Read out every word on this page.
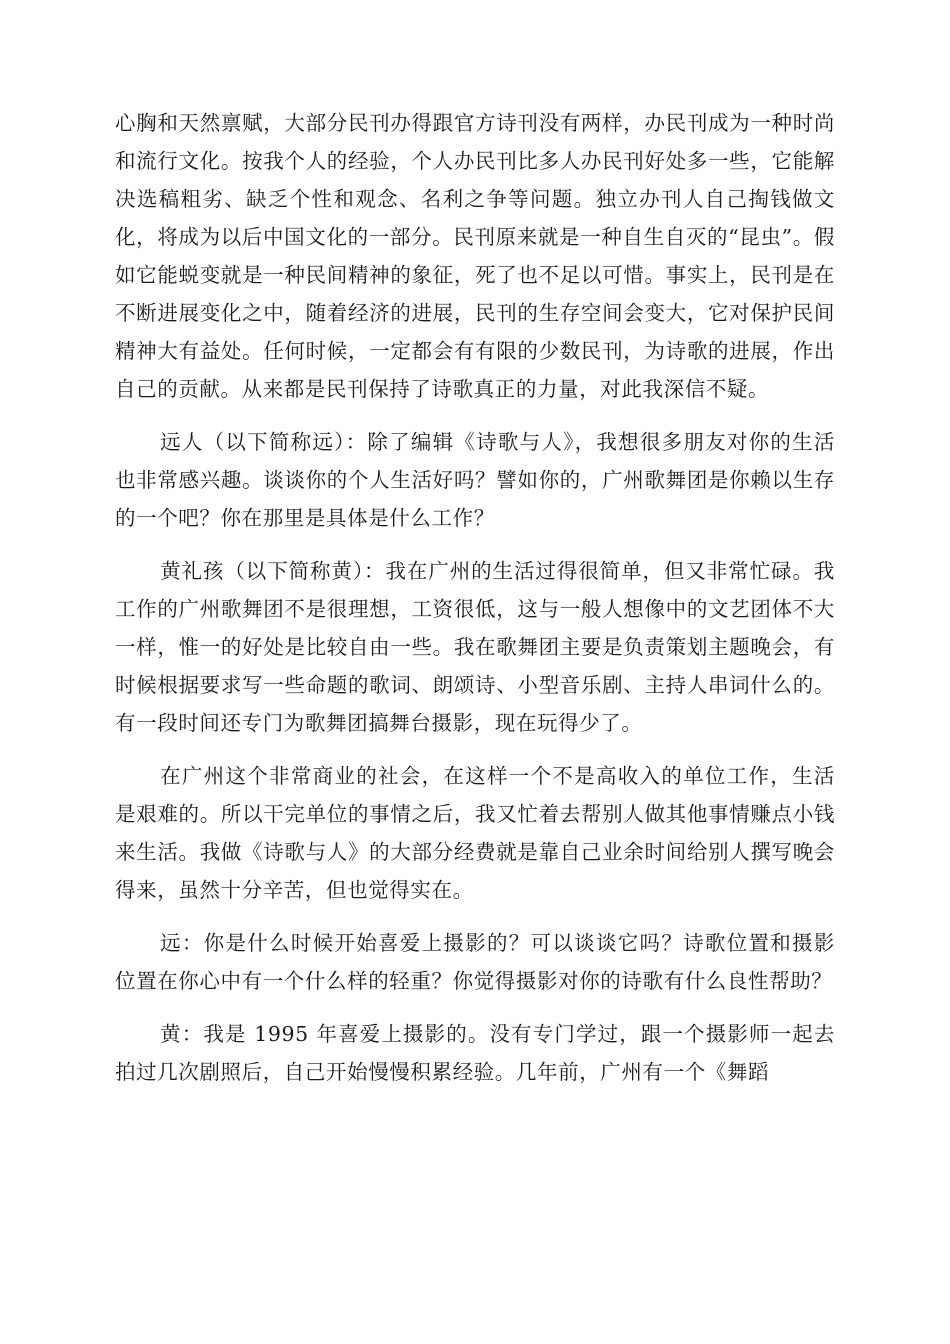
心胸和天然禀赋，大部分民刊办得跟官方诗刊没有两样，办民刊成为一种时尚和流行文化。按我个人的经验，个人办民刊比多人办民刊好处多一些，它能解决选稿粗劣、缺乏个性和观念、名利之争等问题。独立办刊人自己掏钱做文化，将成为以后中国文化的一部分。民刊原来就是一种自生自灭的“昆虫”。假如它能蜕变就是一种民间精神的象征，死了也不足以可惜。事实上，民刊是在不断进展变化之中，随着经济的进展，民刊的生存空间会变大，它对保护民间精神大有益处。任何时候，一定都会有有限的少数民刊，为诗歌的进展，作出自己的贡献。从来都是民刊保持了诗歌真正的力量，对此我深信不疑。

远人（以下简称远）：除了编辑《诗歌与人》，我想很多朋友对你的生活也非常感兴趣。谈谈你的个人生活好吗？譬如你的，广州歌舞团是你赖以生存的一个吧？你在那里是具体是什么工作？

黄礼孩（以下简称黄）：我在广州的生活过得很简单，但又非常忙碌。我工作的广州歌舞团不是很理想，工资很低，这与一般人想像中的文艺团体不大一样，惟一的好处是比较自由一些。我在歌舞团主要是负责策划主题晚会，有时候根据要求写一些命题的歌词、朗颂诗、小型音乐剧、主持人串词什么的。有一段时间还专门为歌舞团搞舞台摄影，现在玩得少了。

在广州这个非常商业的社会，在这样一个不是高收入的单位工作，生活是艰难的。所以干完单位的事情之后，我又忙着去帮别人做其他事情赚点小钱来生活。我做《诗歌与人》的大部分经费就是靠自己业余时间给别人撰写晚会得来，虽然十分辛苦，但也觉得实在。

远：你是什么时候开始喜爱上摄影的？可以谈谈它吗？诗歌位置和摄影位置在你心中有一个什么样的轻重？你觉得摄影对你的诗歌有什么良性帮助？

黄：我是 1995 年喜爱上摄影的。没有专门学过，跟一个摄影师一起去拍过几次剧照后，自己开始慢慢积累经验。几年前，广州有一个《舞蹈
